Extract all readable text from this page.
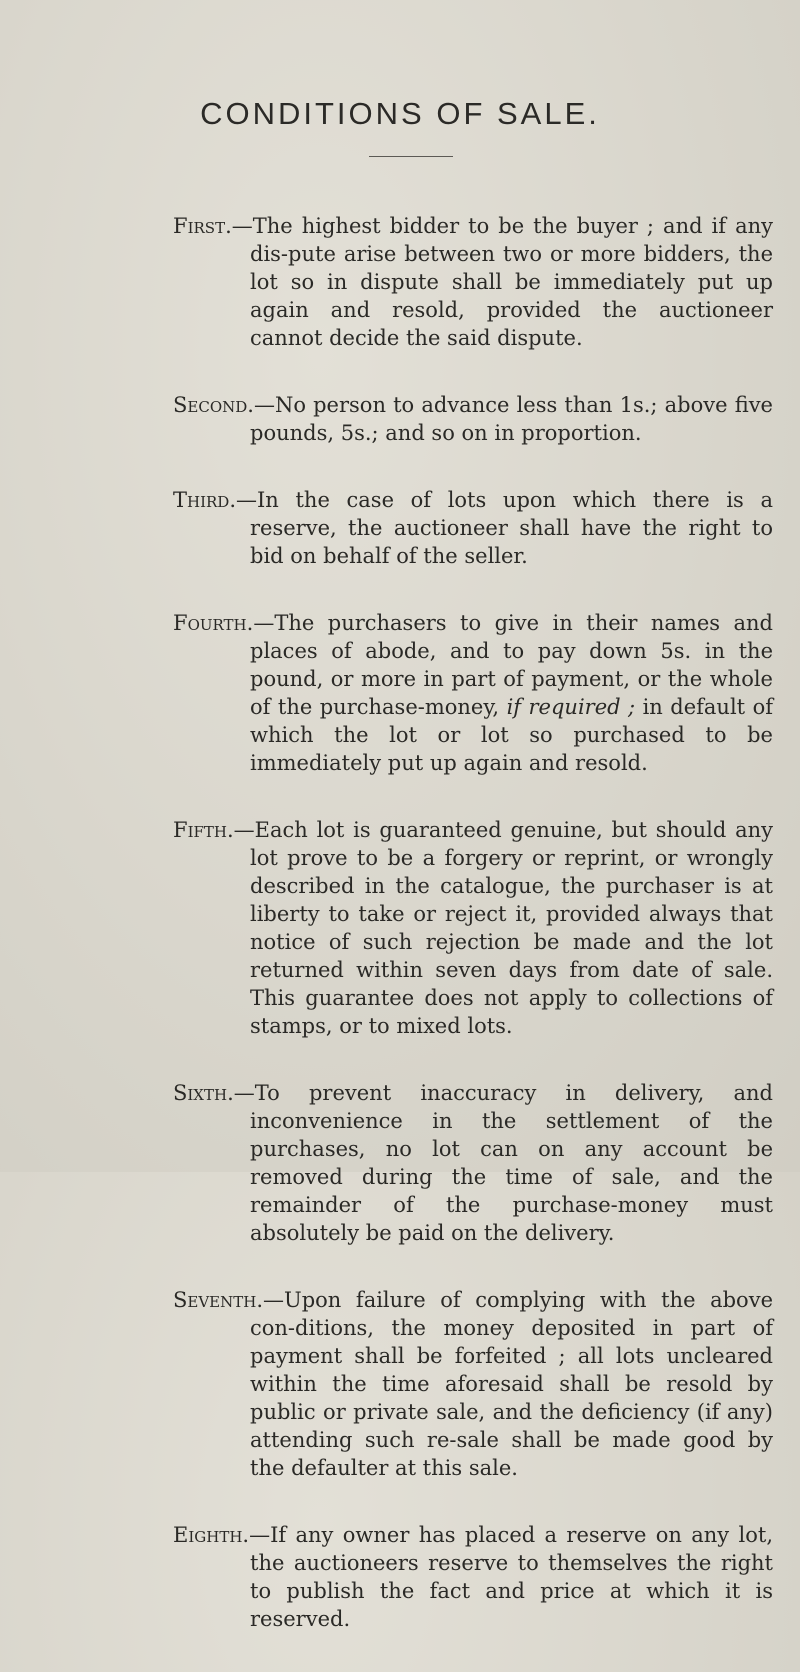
CONDITIONS OF SALE.
First.—The highest bidder to be the buyer ; and if any dis-pute arise between two or more bidders, the lot so in dispute shall be immediately put up again and resold, provided the auctioneer cannot decide the said dispute.
Second.—No person to advance less than 1s.; above five pounds, 5s.; and so on in proportion.
Third.—In the case of lots upon which there is a reserve, the auctioneer shall have the right to bid on behalf of the seller.
Fourth.—The purchasers to give in their names and places of abode, and to pay down 5s. in the pound, or more in part of payment, or the whole of the purchase-money, if required ; in default of which the lot or lot so purchased to be immediately put up again and resold.
Fifth.—Each lot is guaranteed genuine, but should any lot prove to be a forgery or reprint, or wrongly described in the catalogue, the purchaser is at liberty to take or reject it, provided always that notice of such rejection be made and the lot returned within seven days from date of sale. This guarantee does not apply to collections of stamps, or to mixed lots.
Sixth.—To prevent inaccuracy in delivery, and inconvenience in the settlement of the purchases, no lot can on any account be removed during the time of sale, and the remainder of the purchase-money must absolutely be paid on the delivery.
Seventh.—Upon failure of complying with the above con-ditions, the money deposited in part of payment shall be forfeited ; all lots uncleared within the time aforesaid shall be resold by public or private sale, and the deficiency (if any) attending such re-sale shall be made good by the defaulter at this sale.
Eighth.—If any owner has placed a reserve on any lot, the auctioneers reserve to themselves the right to publish the fact and price at which it is reserved.
